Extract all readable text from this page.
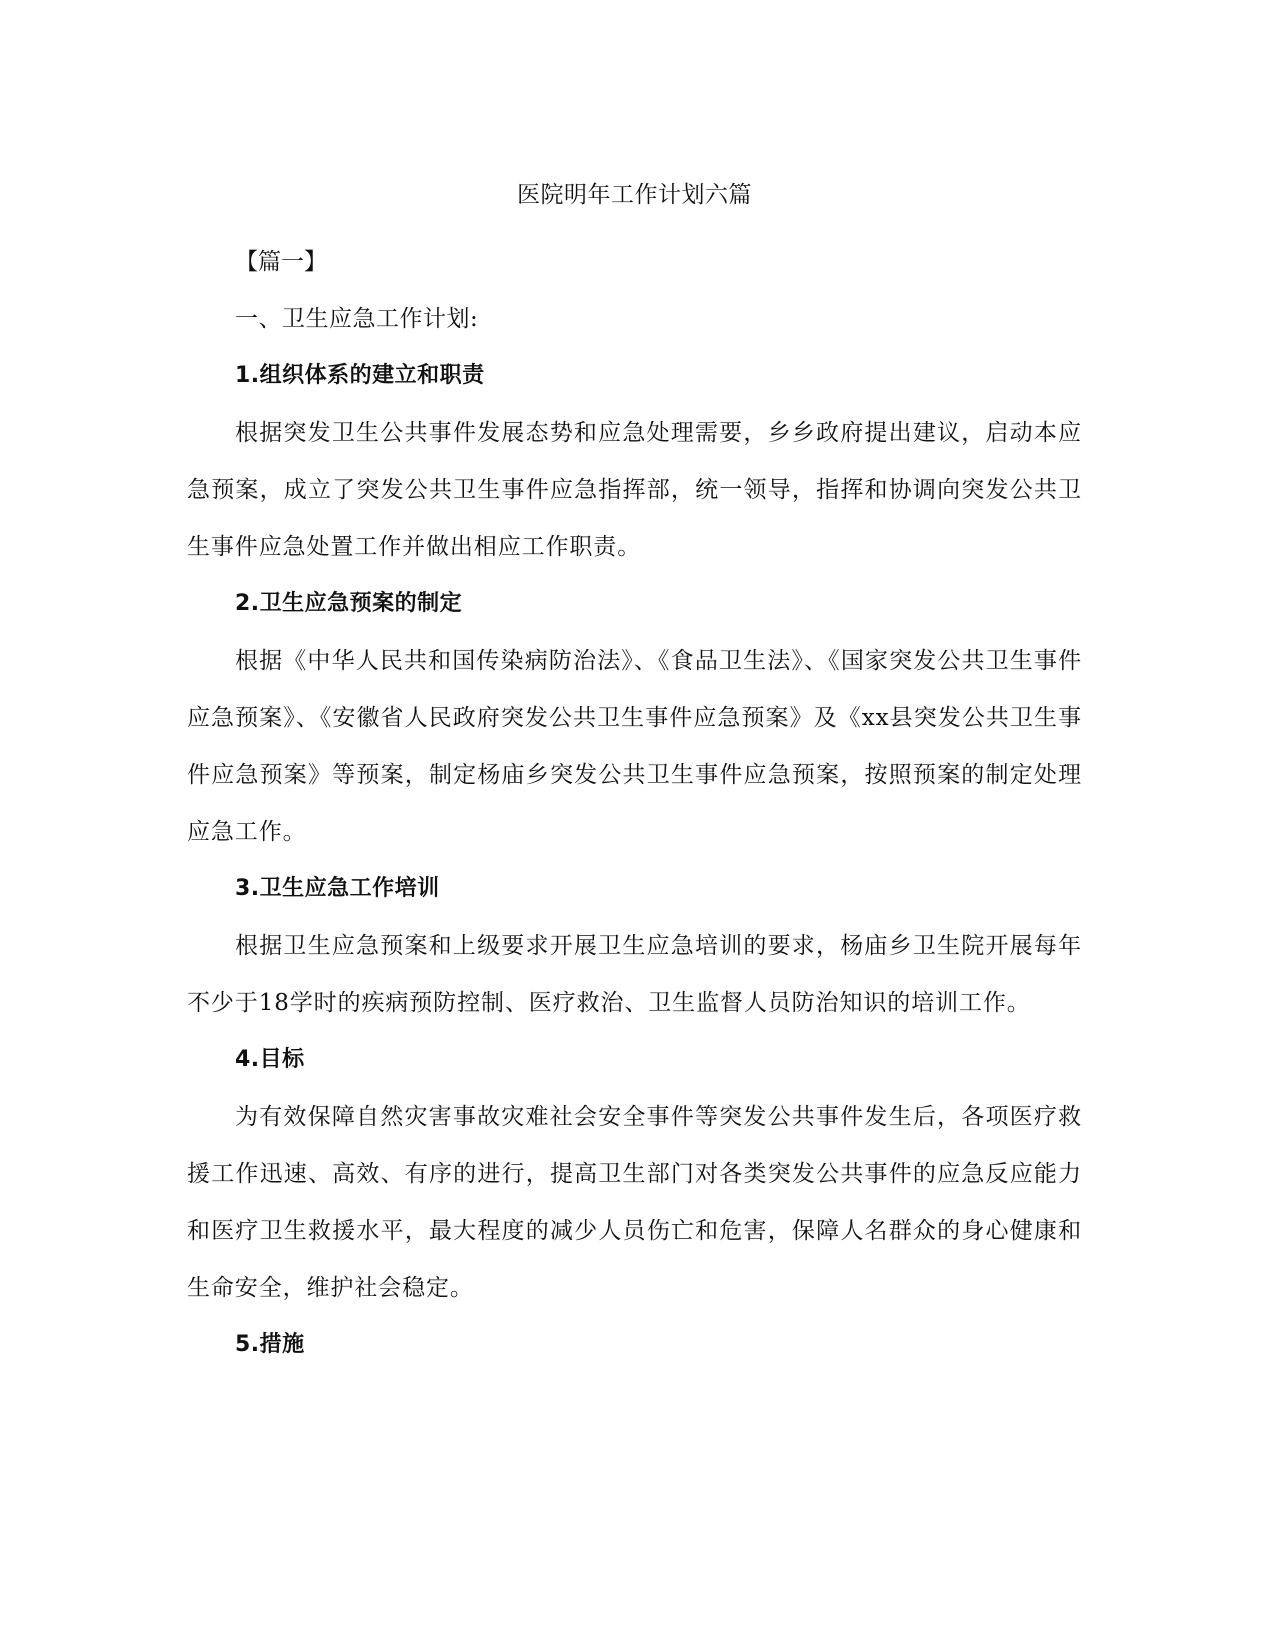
医院明年工作计划六篇
【篇一】
一、卫生应急工作计划:
1.组织体系的建立和职责

根据突发卫生公共事件发展态势和应急处理需要，乡乡政府提出建议，启动本应急预案，成立了突发公共卫生事件应急指挥部，统一领导，指挥和协调向突发公共卫生事件应急处置工作并做出相应工作职责。

2.卫生应急预案的制定

根据《中华人民共和国传染病防治法》、《食品卫生法》、《国家突发公共卫生事件应急预案》、《安徽省人民政府突发公共卫生事件应急预案》及《xx县突发公共卫生事件应急预案》等预案，制定杨庙乡突发公共卫生事件应急预案，按照预案的制定处理应急工作。

3.卫生应急工作培训

根据卫生应急预案和上级要求开展卫生应急培训的要求，杨庙乡卫生院开展每年不少于18学时的疾病预防控制、医疗救治、卫生监督人员防治知识的培训工作。

4.目标

为有效保障自然灾害事故灾难社会安全事件等突发公共事件发生后，各项医疗救援工作迅速、高效、有序的进行，提高卫生部门对各类突发公共事件的应急反应能力和医疗卫生救援水平，最大程度的减少人员伤亡和危害，保障人名群众的身心健康和生命安全，维护社会稳定。

5.措施
